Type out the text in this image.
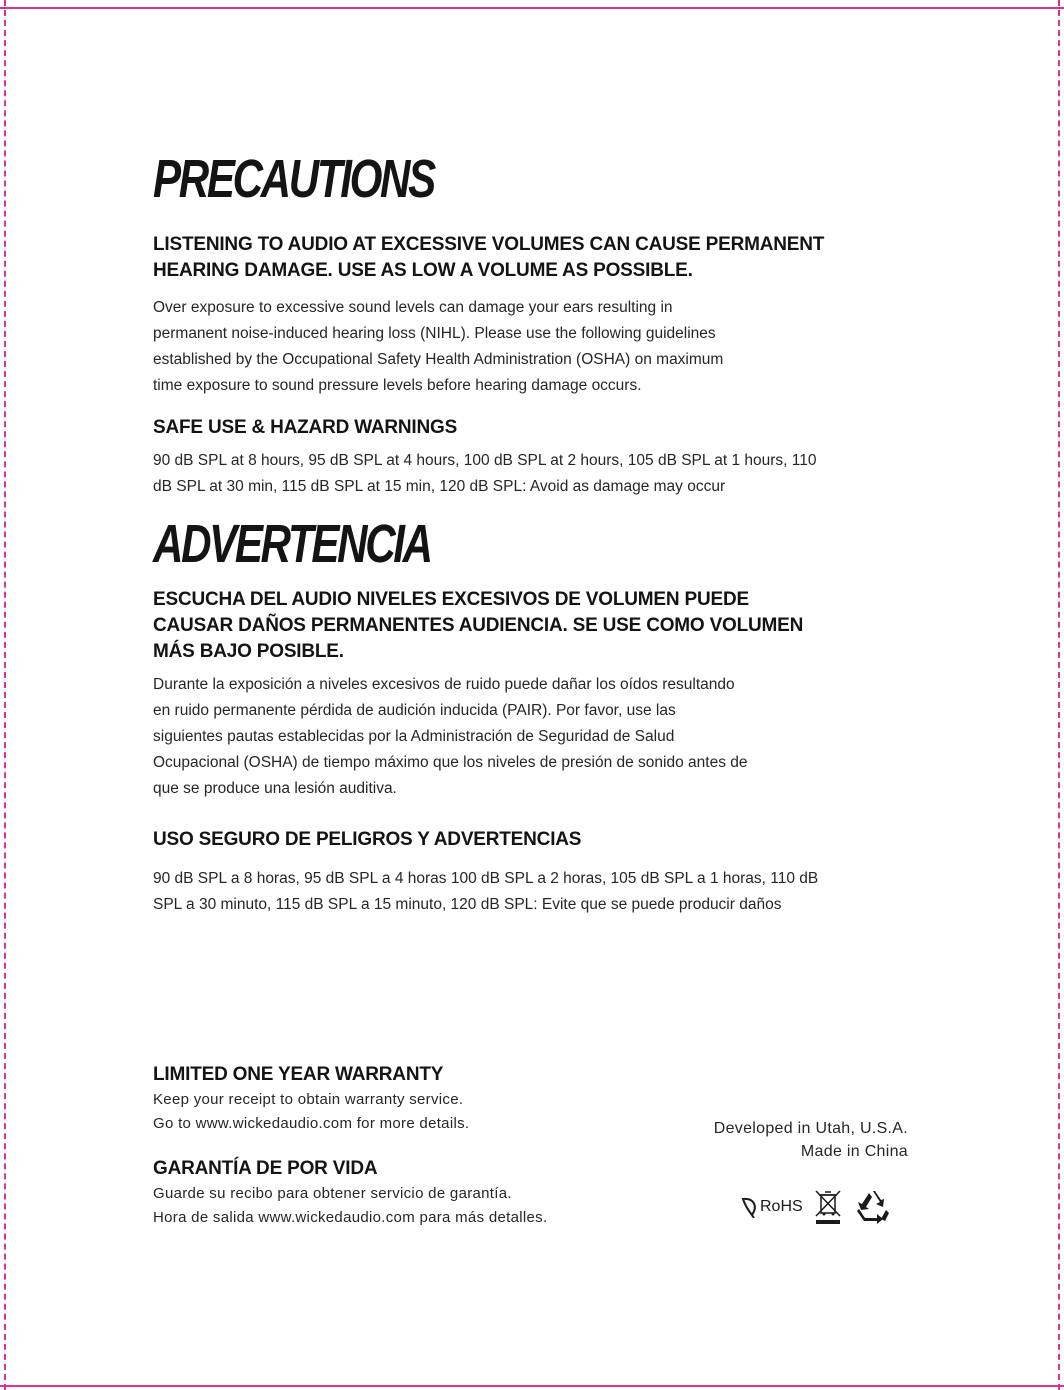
PRECAUTIONS

LISTENING TO AUDIO AT EXCESSIVE VOLUMES CAN CAUSE PERMANENT

HEARING DAMAGE. USE AS LOW A VOLUME AS POSSIBLE.

Over exposure to excessive sound levels can damage your ears resulting in

permanent noise-induced hearing loss (NIHL). Please use the following guidelines

established by the Occupational Safety Health Administration (OSHA) on maximum

time exposure to sound pressure levels before hearing damage occurs.

SAFE USE & HAZARD WARNINGS

90 dB SPL at 8 hours, 95 dB SPL at 4 hours, 100 dB SPL at 2 hours, 105 dB SPL at 1 hours, 110

dB SPL at 30 min, 115 dB SPL at 15 min, 120 dB SPL: Avoid as damage may occur

ADVERTENCIA

ESCUCHA DEL AUDIO NIVELES EXCESIVOS DE VOLUMEN PUEDE

CAUSAR DAÑOS PERMANENTES AUDIENCIA. SE USE COMO VOLUMEN

MÁS BAJO POSIBLE.

Durante la exposición a niveles excesivos de ruido puede dañar los oídos resultando

en ruido permanente pérdida de audición inducida (PAIR). Por favor, use las

siguientes pautas establecidas por la Administración de Seguridad de Salud

Ocupacional (OSHA) de tiempo máximo que los niveles de presión de sonido antes de

que se produce una lesión auditiva.

USO SEGURO DE PELIGROS Y ADVERTENCIAS

90 dB SPL a 8 horas, 95 dB SPL a 4 horas 100 dB SPL a 2 horas, 105 dB SPL a 1 horas, 110 dB

SPL a 30 minuto, 115 dB SPL a 15 minuto, 120 dB SPL: Evite que se puede producir daños

LIMITED ONE YEAR WARRANTY

Keep your receipt to obtain warranty service.

Go to www.wickedaudio.com for more details.

GARANTÍA DE POR VIDA

Guarde su recibo para obtener servicio de garantía.

Hora de salida www.wickedaudio.com para más detalles.

Developed in Utah, U.S.A.
Made in China
RoHS
